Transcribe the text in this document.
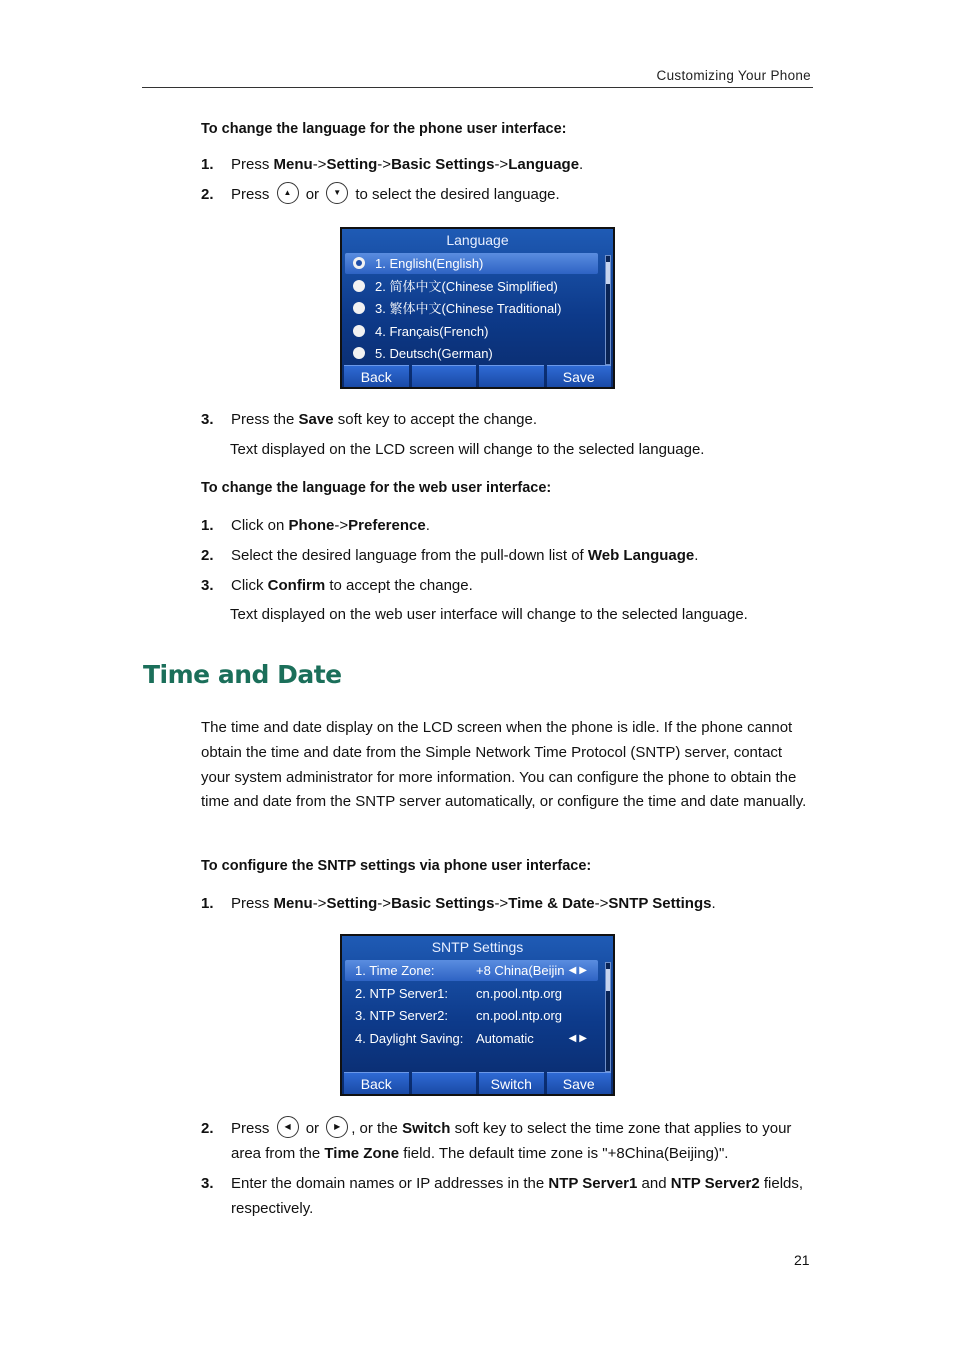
Customizing Your Phone
To change the language for the phone user interface:
1. Press Menu->Setting->Basic Settings->Language.
2. Press	▲ or	▼ to select the desired language.
Language
1. English(English)
2. 简体中文(Chinese Simplified)
3. 繁体中文(Chinese Traditional)
4. Français(French)
5. Deutsch(German)
Back	Save
3. Press the Save soft key to accept the change.
Text displayed on the LCD screen will change to the selected language.
To change the language for the web user interface:
1. Click on Phone->Preference.
2. Select the desired language from the pull-down list of Web Language.
3. Click Confirm to accept the change.
Text displayed on the web user interface will change to the selected language.
Time and Date
The time and date display on the LCD screen when the phone is idle. If the phone cannot obtain the time and date from the Simple Network Time Protocol (SNTP) server, contact your system administrator for more information. You can configure the phone to obtain the time and date from the SNTP server automatically, or configure the time and date manually.
To configure the SNTP settings via phone user interface:
1. Press Menu->Setting->Basic Settings->Time & Date->SNTP Settings.
SNTP Settings
1. Time Zone:	+8 China(Beijin ◀▶
2. NTP Server1: cn.pool.ntp.org
3. NTP Server2: cn.pool.ntp.org
4. Daylight Saving: Automatic	◀▶
Back	Switch	Save
2. Press	◀	or	▶ , or the Switch soft key to select the time zone that applies to your area from the Time Zone field. The default time zone is "+8China(Beijing)".
3. Enter the domain names or IP addresses in the NTP Server1 and NTP Server2 fields, respectively.
21
